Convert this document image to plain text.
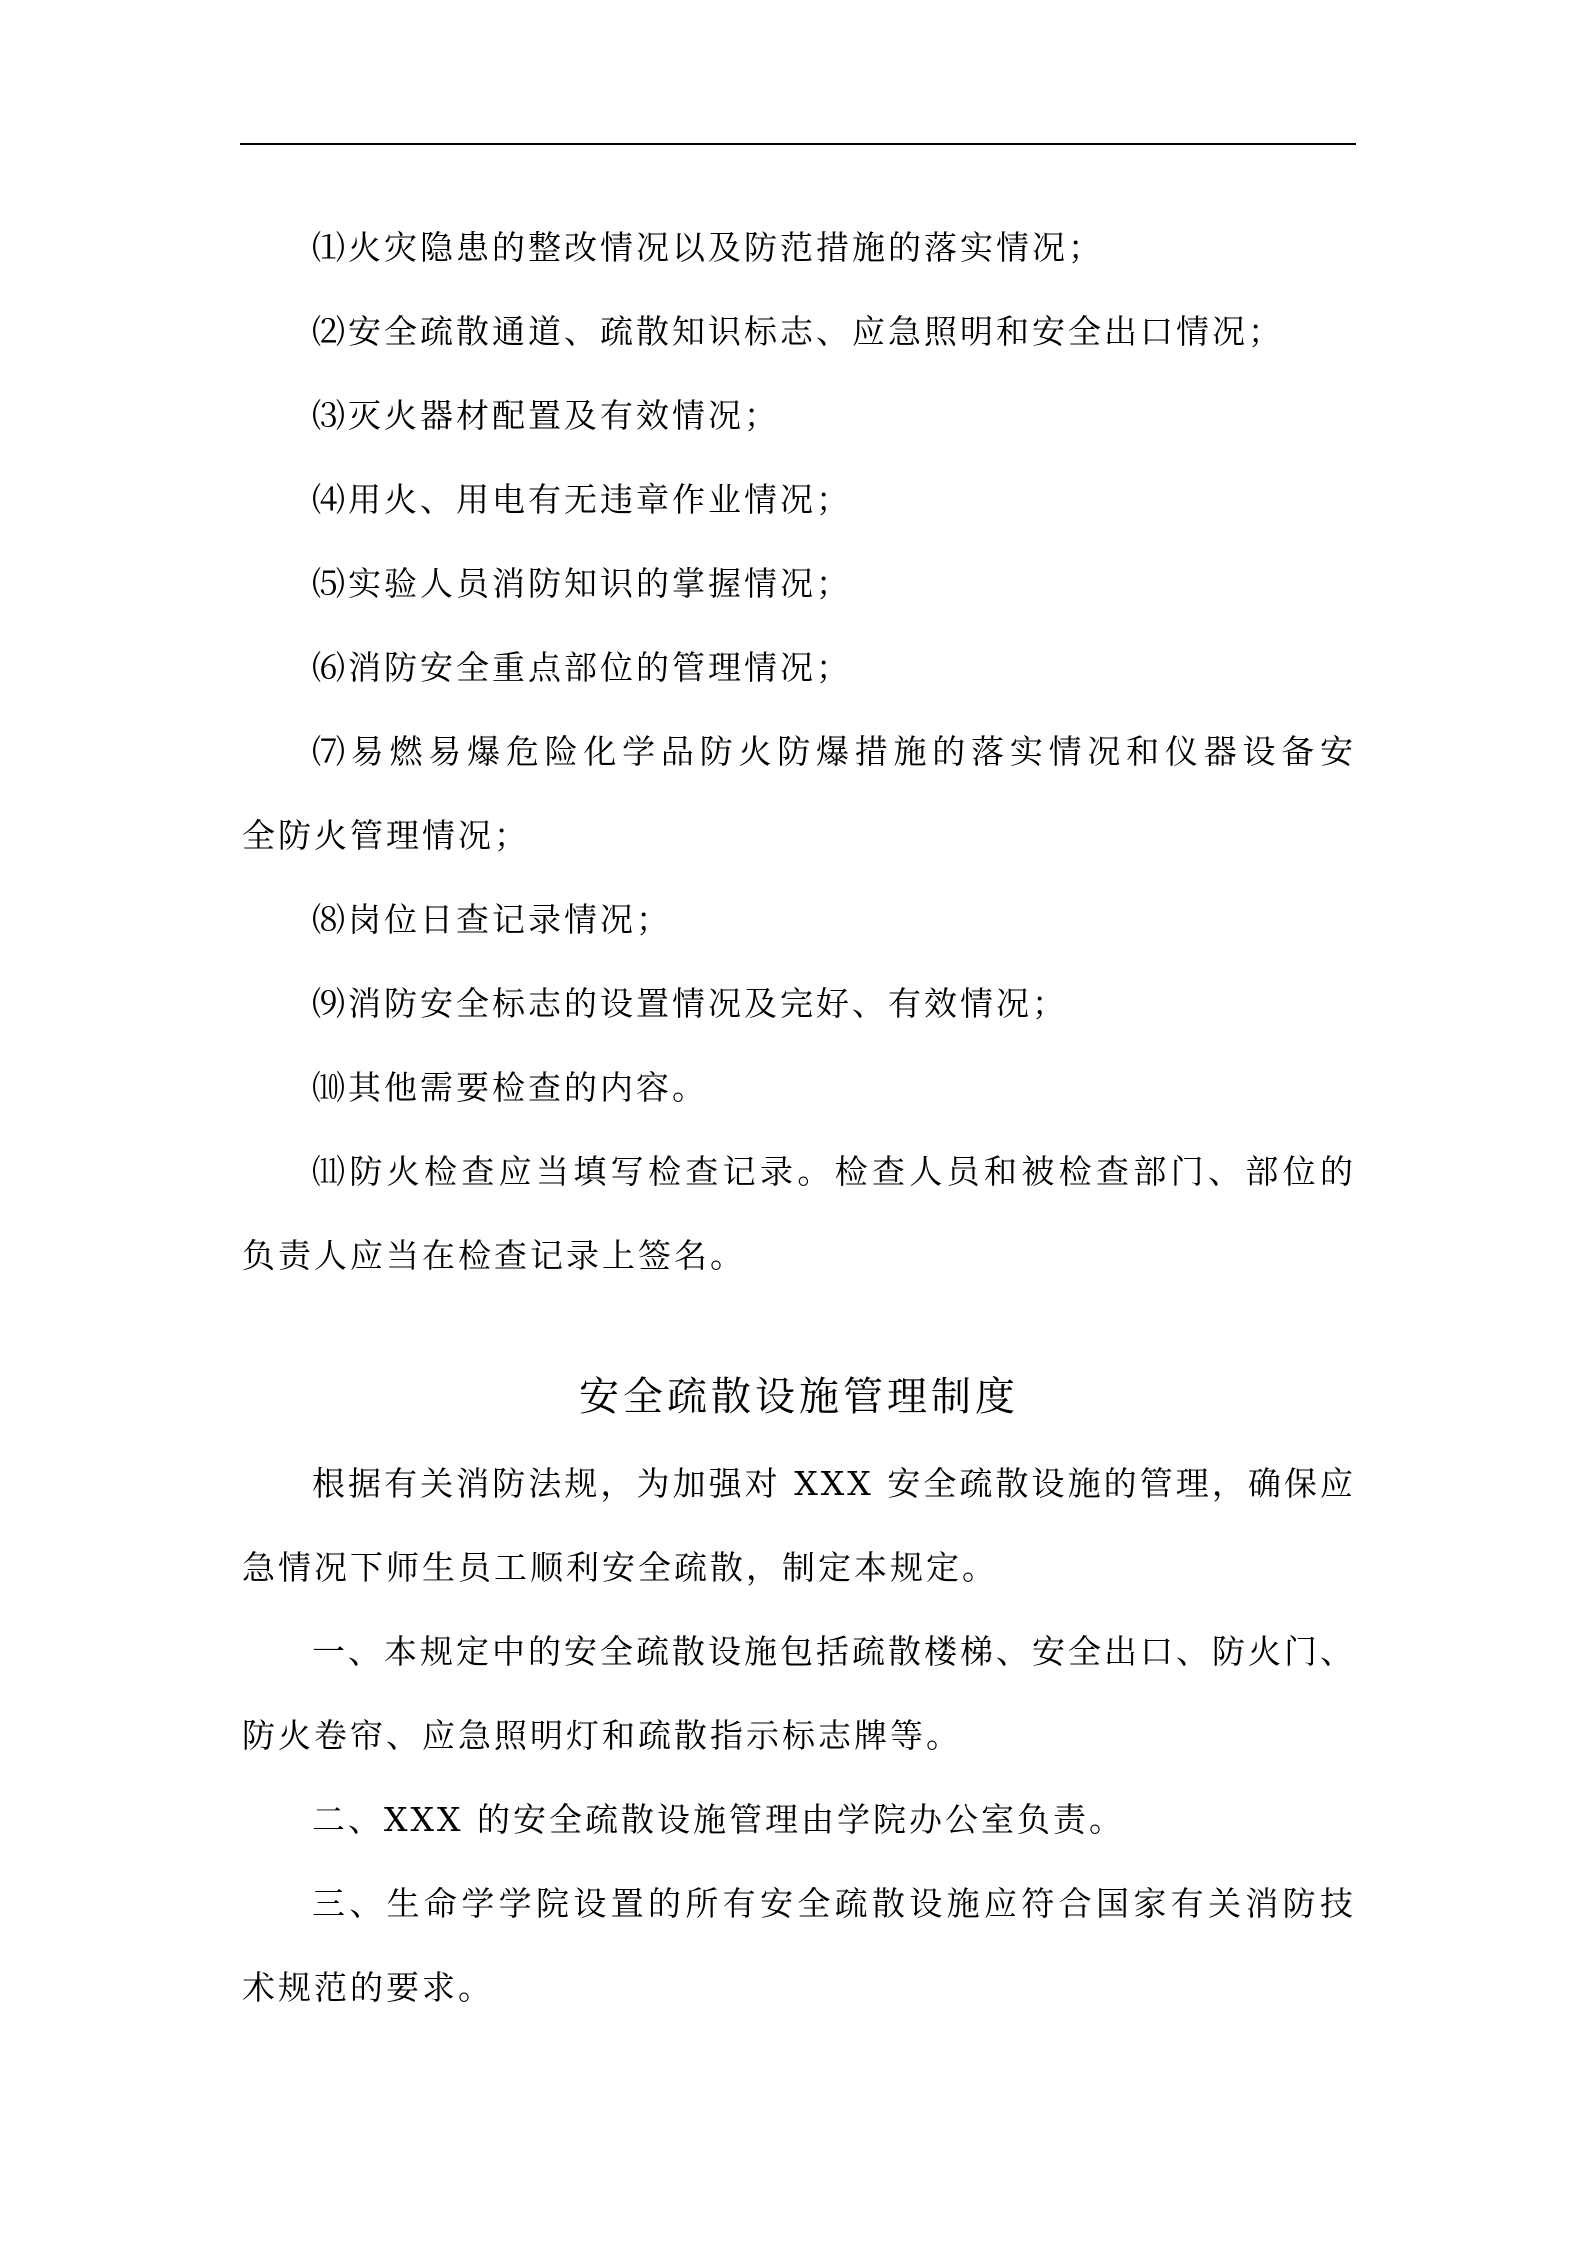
⑴火灾隐患的整改情况以及防范措施的落实情况；

⑵安全疏散通道、疏散知识标志、应急照明和安全出口情况；

⑶灭火器材配置及有效情况；

⑷用火、用电有无违章作业情况；

⑸实验人员消防知识的掌握情况；

⑹消防安全重点部位的管理情况；

⑺易燃易爆危险化学品防火防爆措施的落实情况和仪器设备安

全防火管理情况；

⑻岗位日查记录情况；

⑼消防安全标志的设置情况及完好、有效情况；

⑽其他需要检查的内容。

⑾防火检查应当填写检查记录。检查人员和被检查部门、部位的

负责人应当在检查记录上签名。

安全疏散设施管理制度

根据有关消防法规，为加强对 XXX 安全疏散设施的管理，确保应

急情况下师生员工顺利安全疏散，制定本规定。

一、本规定中的安全疏散设施包括疏散楼梯、安全出口、防火门、

防火卷帘、应急照明灯和疏散指示标志牌等。

二、XXX 的安全疏散设施管理由学院办公室负责。

三、生命学学院设置的所有安全疏散设施应符合国家有关消防技

术规范的要求。
